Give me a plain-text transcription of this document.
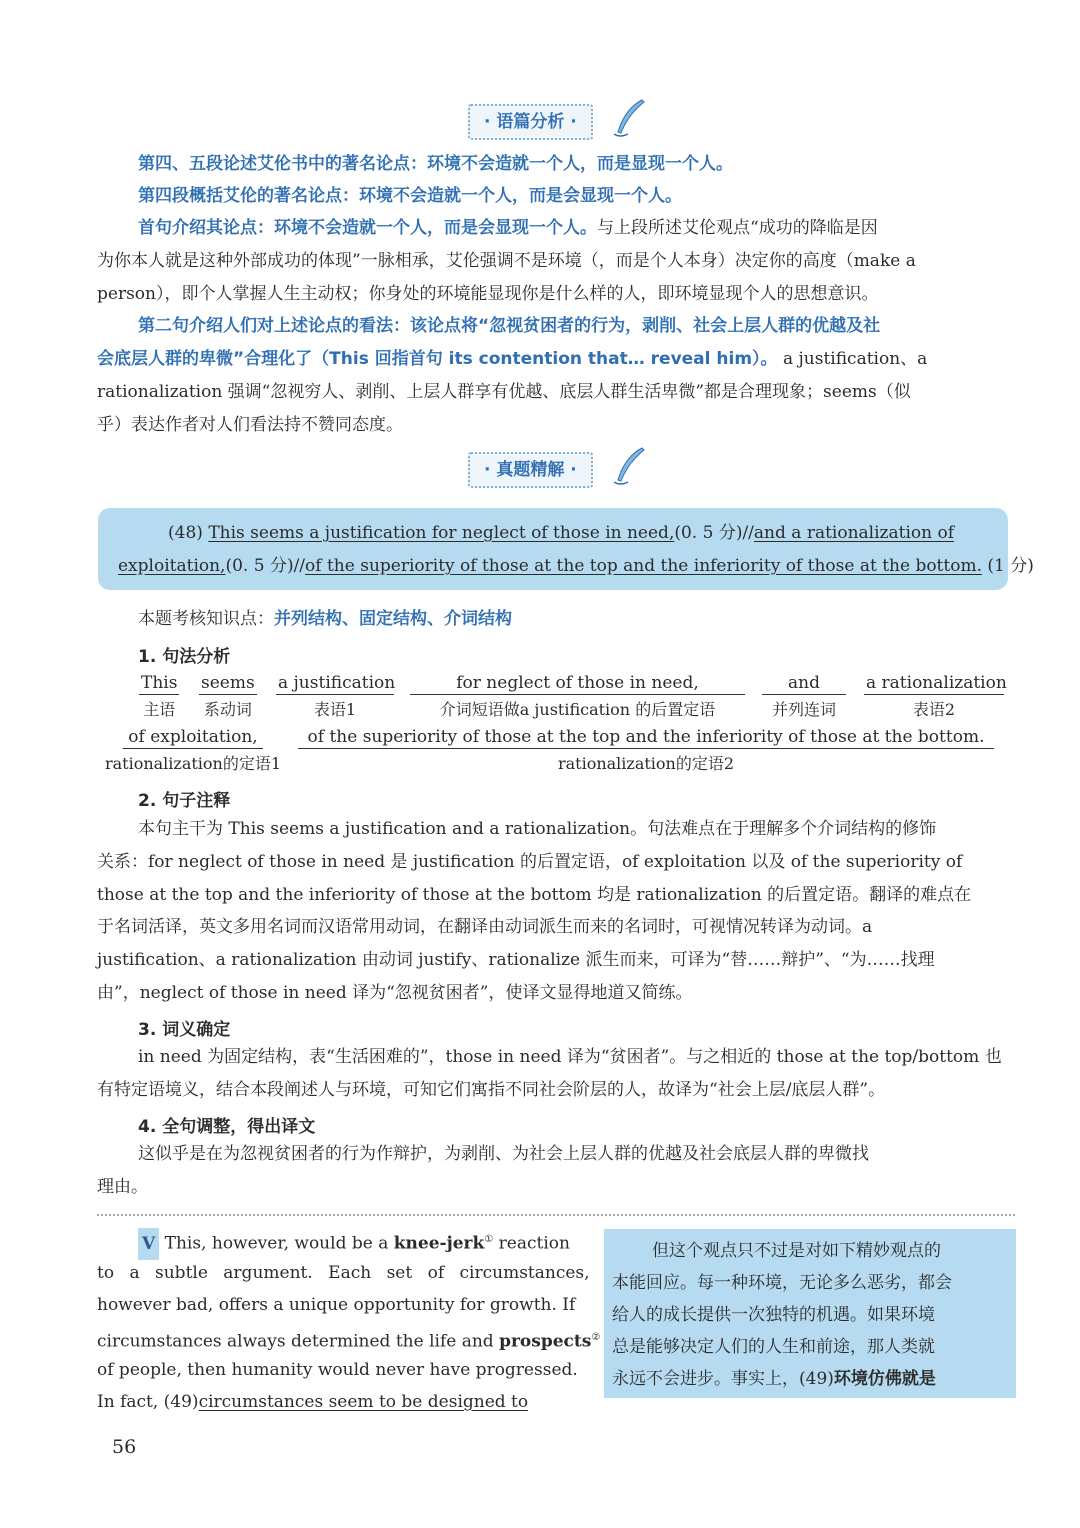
· 语篇分析 ·
第四、五段论述艾伦书中的著名论点：环境不会造就一个人，而是显现一个人。
第四段概括艾伦的著名论点：环境不会造就一个人，而是会显现一个人。
首句介绍其论点：环境不会造就一个人，而是会显现一个人。与上段所述艾伦观点“成功的降临是因
为你本人就是这种外部成功的体现”一脉相承，艾伦强调不是环境（，而是个人本身）决定你的高度（make a
person），即个人掌握人生主动权；你身处的环境能显现你是什么样的人，即环境显现个人的思想意识。
第二句介绍人们对上述论点的看法：该论点将“忽视贫困者的行为，剥削、社会上层人群的优越及社
会底层人群的卑微”合理化了（This 回指首句 its contention that… reveal him）。 a justification、a
rationalization 强调“忽视穷人、剥削、上层人群享有优越、底层人群生活卑微”都是合理现象；seems（似
乎）表达作者对人们看法持不赞同态度。
· 真题精解 ·
(48) This seems a justification for neglect of those in need,(0. 5 分)//and a rationalization of
exploitation,(0. 5 分)//of the superiority of those at the top and the inferiority of those at the bottom. (1 分)
本题考核知识点：并列结构、固定结构、介词结构
1. 句法分析
This
主语
seems
系动词
a justification
表语1
for neglect of those in need,
介词短语做a justification 的后置定语
and
并列连词
a rationalization
表语2
of exploitation,
rationalization的定语1
of the superiority of those at the top and the inferiority of those at the bottom.
rationalization的定语2
2. 句子注释
本句主干为 This seems a justification and a rationalization。句法难点在于理解多个介词结构的修饰
关系：for neglect of those in need 是 justification 的后置定语，of exploitation 以及 of the superiority of
those at the top and the inferiority of those at the bottom 均是 rationalization 的后置定语。翻译的难点在
于名词活译，英文多用名词而汉语常用动词，在翻译由动词派生而来的名词时，可视情况转译为动词。a
justification、a rationalization 由动词 justify、rationalize 派生而来，可译为“替……辩护”、“为……找理
由”，neglect of those in need 译为“忽视贫困者”，使译文显得地道又简练。
3. 词义确定
in need 为固定结构，表“生活困难的”，those in need 译为“贫困者”。与之相近的 those at the top/bottom 也
有特定语境义，结合本段阐述人与环境，可知它们寓指不同社会阶层的人，故译为“社会上层/底层人群”。
4. 全句调整，得出译文
这似乎是在为忽视贫困者的行为作辩护，为剥削、为社会上层人群的优越及社会底层人群的卑微找
理由。
V This, however, would be a knee-jerk① reaction
to a subtle argument. Each set of circumstances,
however bad, offers a unique opportunity for growth. If
circumstances always determined the life and prospects②
of people, then humanity would never have progressed.
In fact, (49)circumstances seem to be designed to
但这个观点只不过是对如下精妙观点的
本能回应。每一种环境，无论多么恶劣，都会
给人的成长提供一次独特的机遇。如果环境
总是能够决定人们的人生和前途，那人类就
永远不会进步。事实上，(49)环境仿佛就是
56
